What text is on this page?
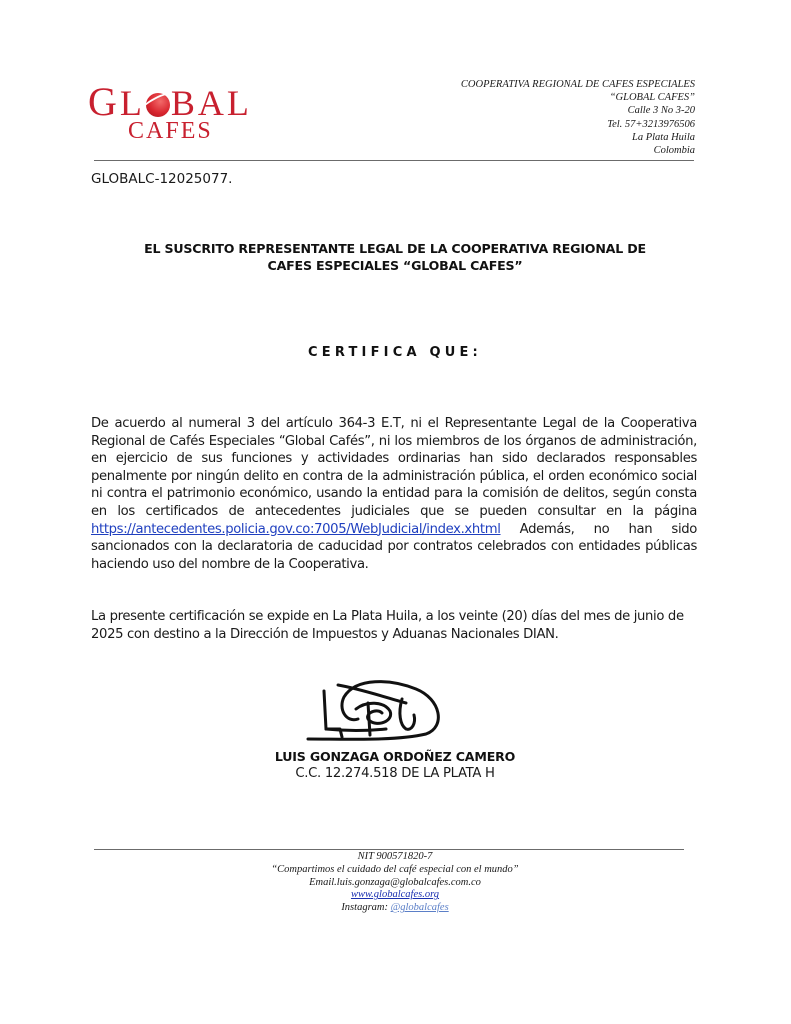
GL BAL
CAFES
COOPERATIVA REGIONAL DE CAFES ESPECIALES
“GLOBAL CAFES”
Calle 3 No 3-20
Tel. 57+3213976506
La Plata Huila
Colombia
GLOBALC-12025077.
EL SUSCRITO REPRESENTANTE LEGAL DE LA COOPERATIVA REGIONAL DE
CAFES ESPECIALES “GLOBAL CAFES”
CERTIFICA QUE:
De acuerdo al numeral 3 del artículo 364-3 E.T, ni el Representante Legal de la Cooperativa Regional de Cafés Especiales “Global Cafés”, ni los miembros de los órganos de administración, en ejercicio de sus funciones y actividades ordinarias han sido declarados responsables penalmente por ningún delito en contra de la administración pública, el orden económico social ni contra el patrimonio económico, usando la entidad para la comisión de delitos, según consta en los certificados de antecedentes judiciales que se pueden consultar en la página https://antecedentes.policia.gov.co:7005/WebJudicial/index.xhtml Además, no han sido sancionados con la declaratoria de caducidad por contratos celebrados con entidades públicas haciendo uso del nombre de la Cooperativa.
La presente certificación se expide en La Plata Huila, a los veinte (20) días del mes de junio de 2025 con destino a la Dirección de Impuestos y Aduanas Nacionales DIAN.
LUIS GONZAGA ORDOÑEZ CAMERO
C.C. 12.274.518 DE LA PLATA H
NIT 900571820-7
“Compartimos el cuidado del café especial con el mundo”
Email.luis.gonzaga@globalcafes.com.co
www.globalcafes.org
Instagram: @globalcafes
